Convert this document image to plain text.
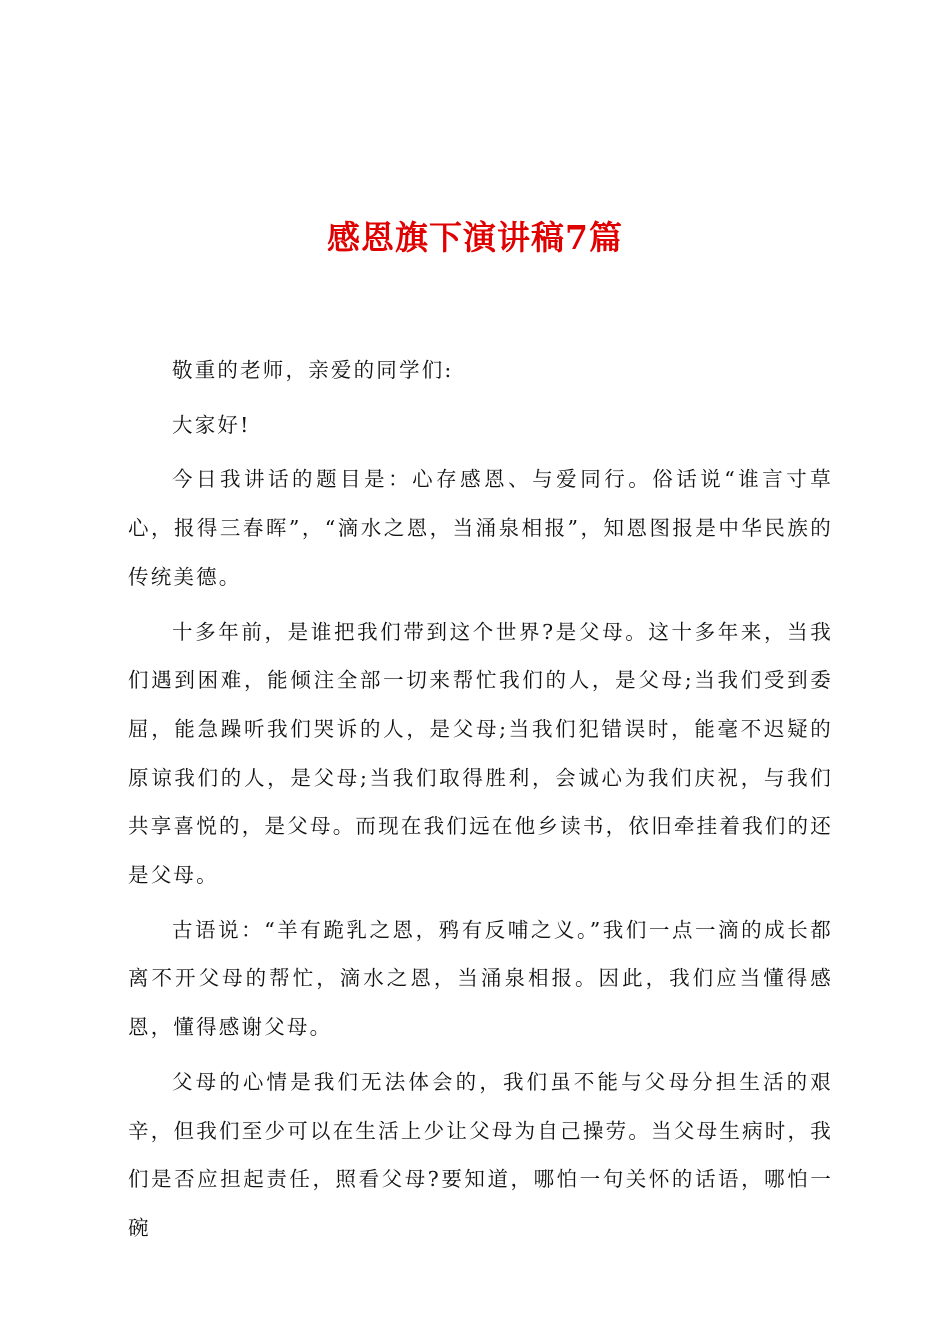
感恩旗下演讲稿7篇

敬重的老师，亲爱的同学们:

大家好!

今日我讲话的题目是：心存感恩、与爱同行。俗话说“谁言寸草心，报得三春晖”，“滴水之恩，当涌泉相报”，知恩图报是中华民族的传统美德。

十多年前，是谁把我们带到这个世界?是父母。这十多年来，当我们遇到困难，能倾注全部一切来帮忙我们的人，是父母;当我们受到委屈，能急躁听我们哭诉的人，是父母;当我们犯错误时，能毫不迟疑的原谅我们的人，是父母;当我们取得胜利，会诚心为我们庆祝，与我们共享喜悦的，是父母。而现在我们远在他乡读书，依旧牵挂着我们的还是父母。

古语说：“羊有跪乳之恩，鸦有反哺之义。”我们一点一滴的成长都离不开父母的帮忙，滴水之恩，当涌泉相报。因此，我们应当懂得感恩，懂得感谢父母。

父母的心情是我们无法体会的，我们虽不能与父母分担生活的艰辛，但我们至少可以在生活上少让父母为自己操劳。当父母生病时，我们是否应担起责任，照看父母?要知道，哪怕一句关怀的话语，哪怕一碗
